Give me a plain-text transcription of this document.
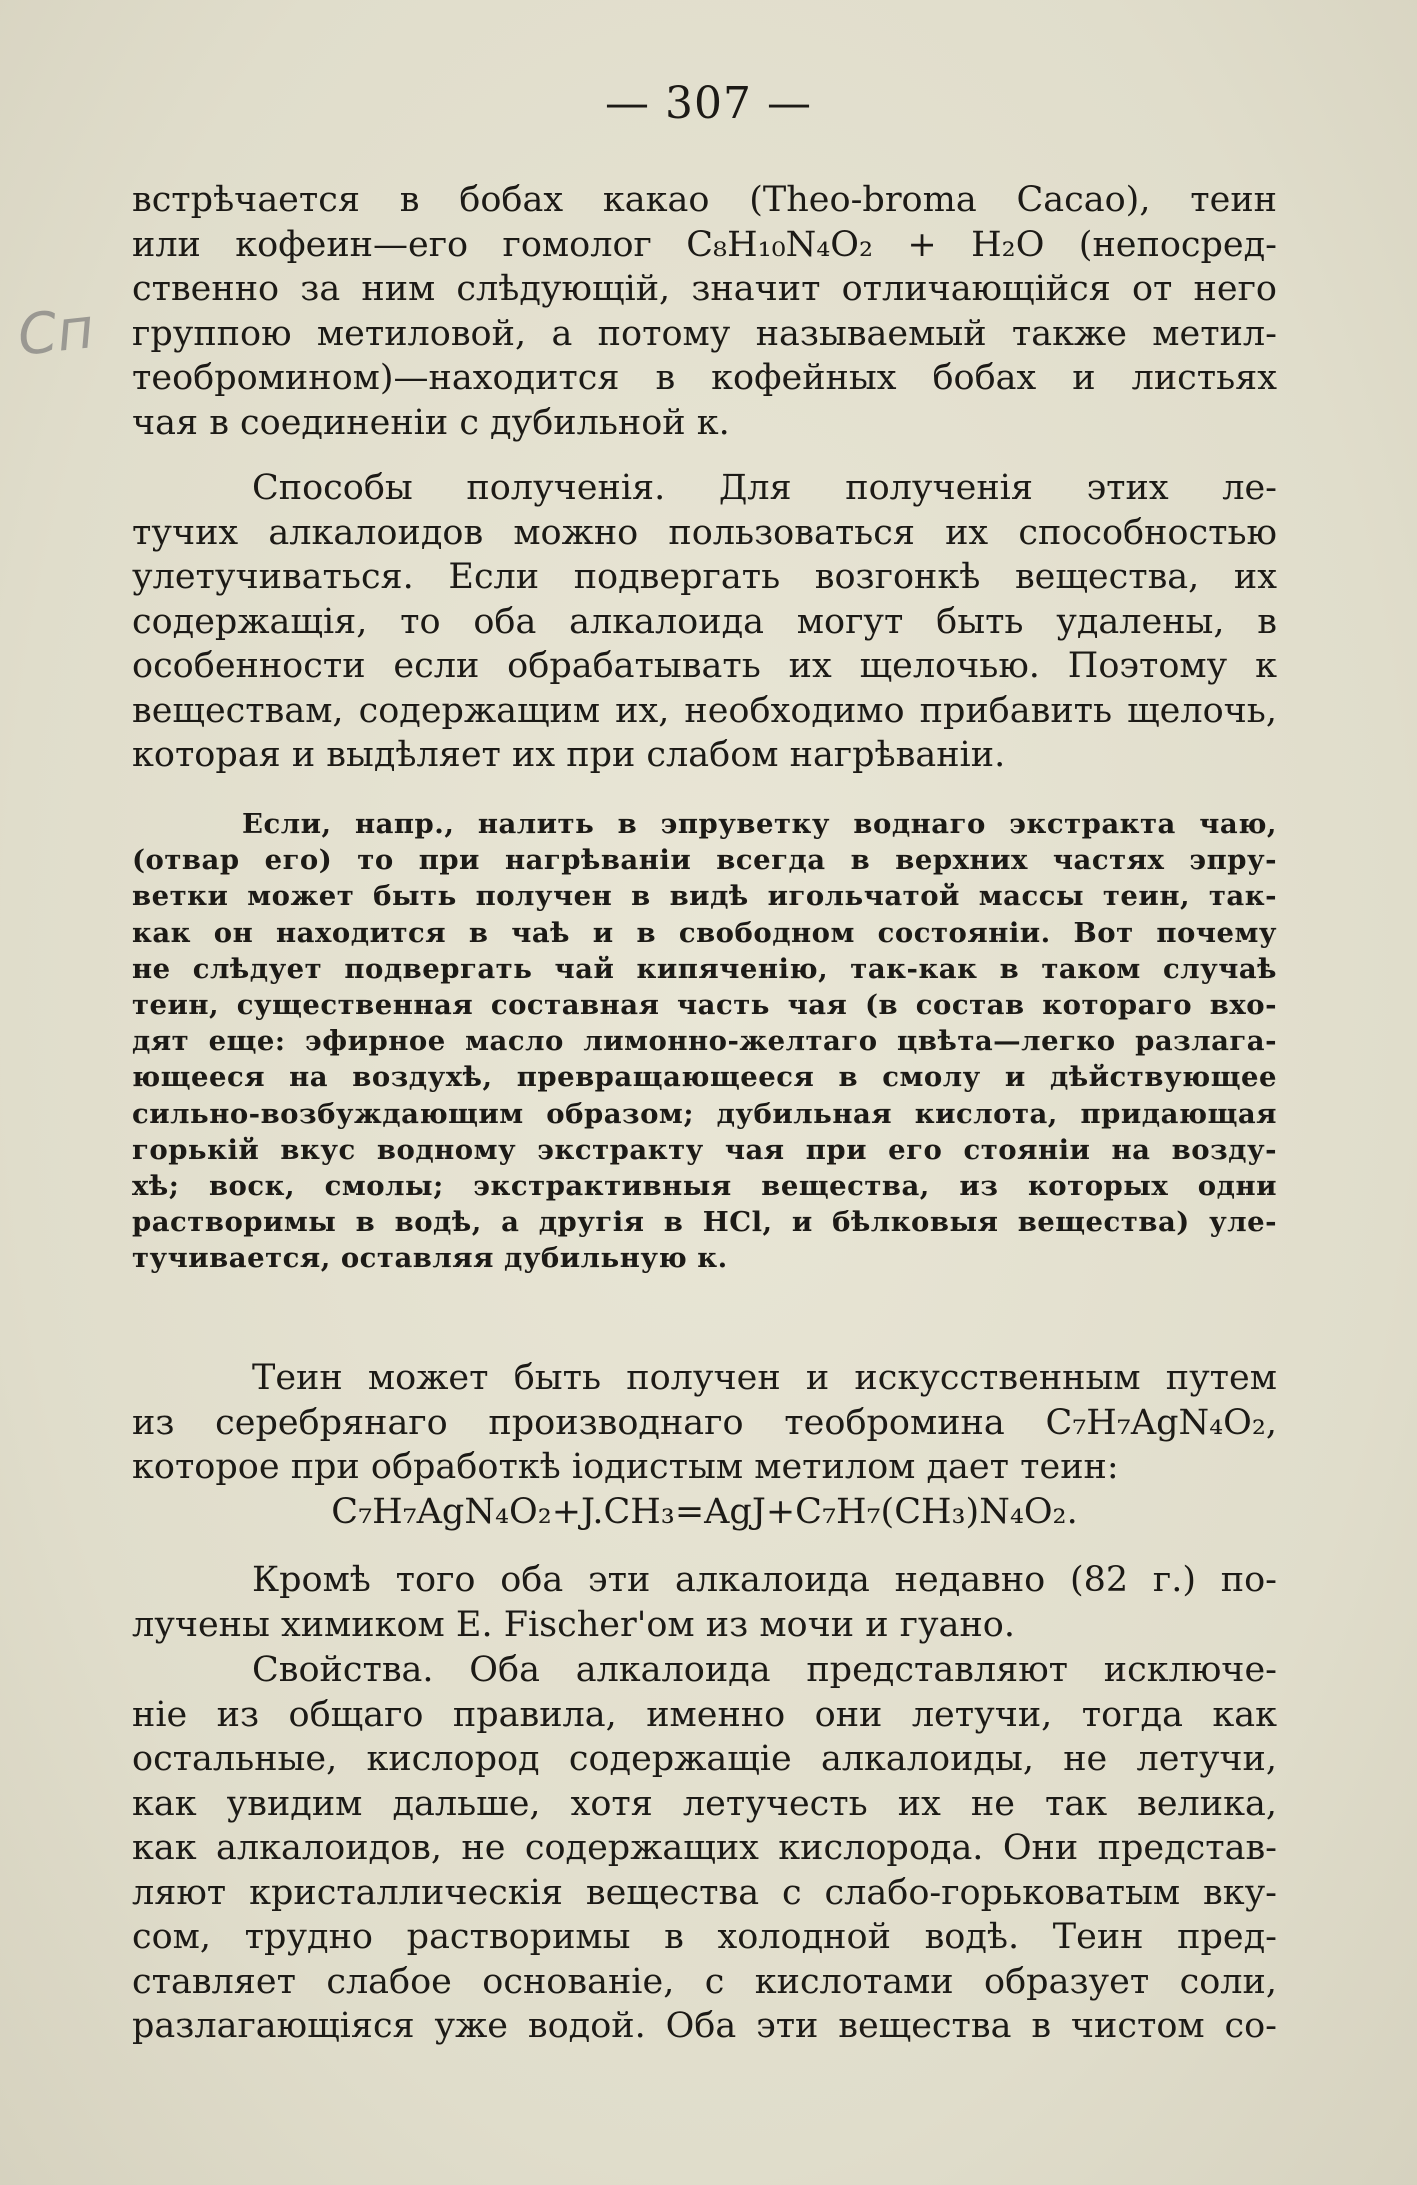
Сп
— 307 —
встрѣчается в бобах какао (Theo-broma Cacao), теин
или кофеин—его гомолог C₈H₁₀N₄O₂ + H₂O (непосред-
ственно за ним слѣдующій, значит отличающійся от него
группою метиловой, а потому называемый также метил-
теоброминoм)—находится в кофейных бобах и листьях
чая в соединеніи с дубильной к.
Способы полученія. Для полученія этих ле-
тучих алкалоидов можно пользоваться их способностью
улетучиваться. Если подвергать возгонкѣ вещества, их
содержащія, то оба алкалоида могут быть удалены, в
особенности если обрабатывать их щелочью. Поэтому к
веществам, содержащим их, необходимо прибавить щелочь,
которая и выдѣляет их при слабом нагрѣваніи.
Если, напр., налить в эпруветку воднаго экстракта чаю,
(отвар его) то при нагрѣваніи всегда в верхних частях эпру-
ветки может быть получен в видѣ игольчатой массы теин, так-
как он находится в чаѣ и в свободном состояніи. Вот почему
не слѣдует подвергать чай кипяченію, так-как в таком случаѣ
теин, существенная составная часть чая (в состав котораго вхо-
дят еще: эфирное масло лимонно-желтаго цвѣта—легко разлага-
ющееся на воздухѣ, превращающееся в смолу и дѣйствующее
сильно-возбуждающим образом; дубильная кислота, придающая
горькій вкус водному экстракту чая при его стояніи на возду-
хѣ; воск, смолы; экстрактивныя вещества, из которых одни
растворимы в водѣ, а другія в HCl, и бѣлковыя вещества) уле-
тучивается, оставляя дубильную к.
Теин может быть получен и искусственным путем
из серебрянаго производнаго теобромина C₇H₇AgN₄O₂,
которое при обработкѣ іодистым метилом дает теин:
C₇H₇AgN₄O₂+J.CH₃=AgJ+C₇H₇(CH₃)N₄O₂.
Кромѣ того оба эти алкалоида недавно (82 г.) по-
лучены химиком E. Fischer'ом из мочи и гуано.
Свойства. Оба алкалоида представляют исключе-
ніе из общаго правила, именно они летучи, тогда как
остальные, кислород содержащіе алкалоиды, не летучи,
как увидим дальше, хотя летучесть их не так велика,
как алкалоидов, не содержащих кислорода. Они представ-
ляют кристаллическія вещества с слабо-горьковатым вку-
сом, трудно растворимы в холодной водѣ. Теин пред-
ставляет слабое основаніе, с кислотами образует соли,
разлагающіяся уже водой. Оба эти вещества в чистом со-
